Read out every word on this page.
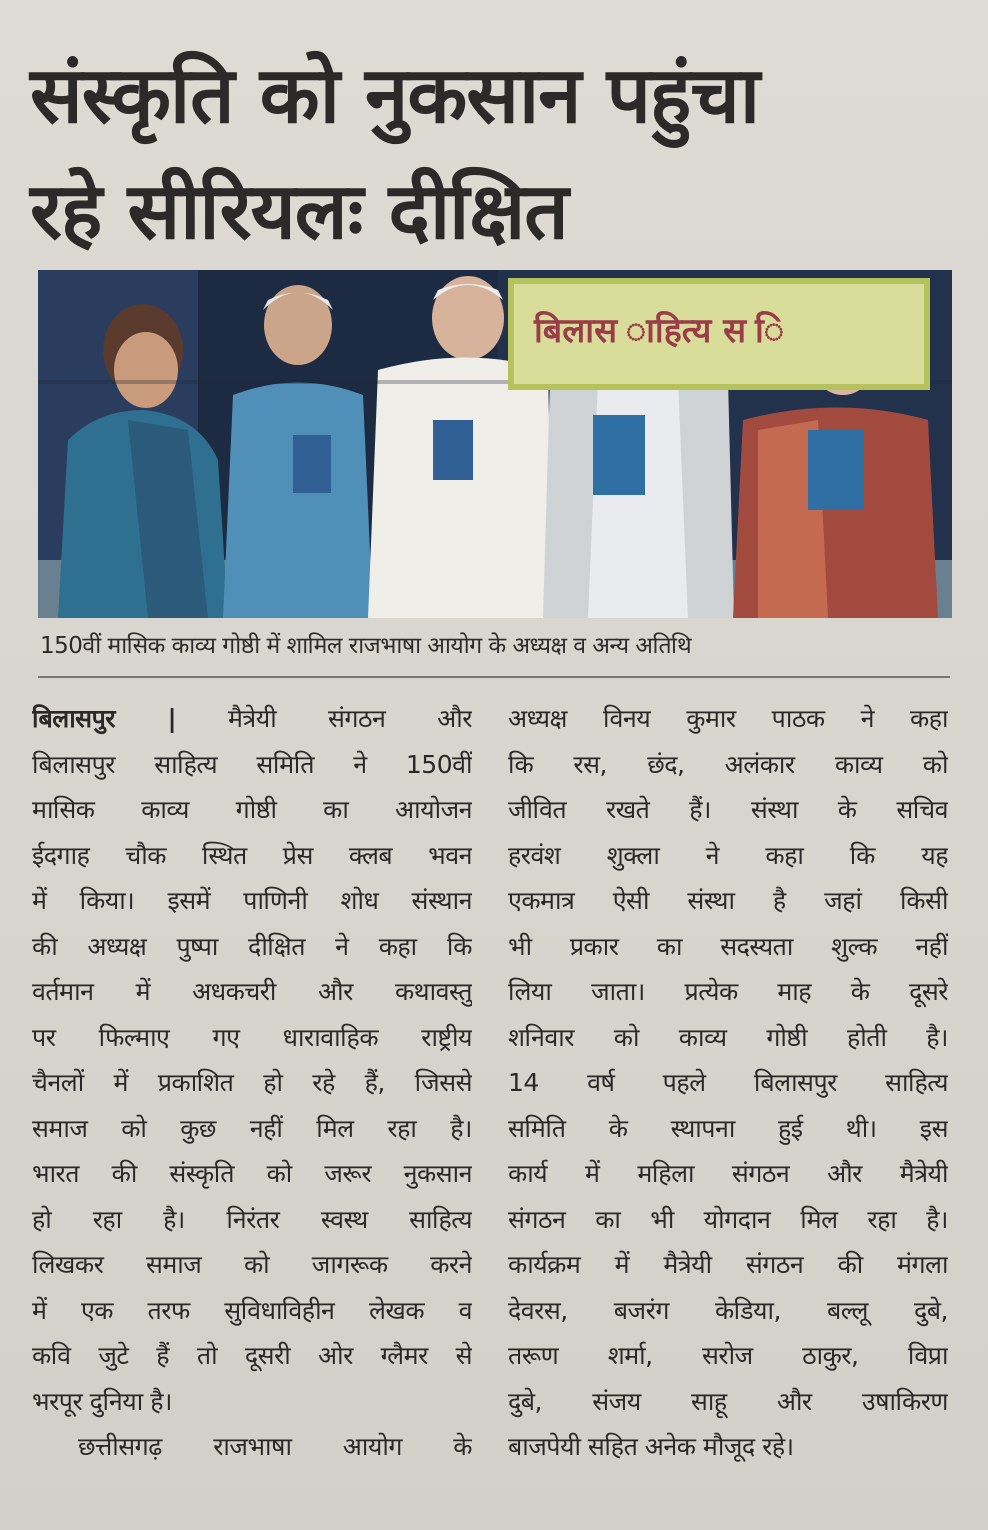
संस्कृति को नुकसान पहुंचा
रहे सीरियलः दीक्षित
बिलास ाहित्य स ि
150वीं मासिक काव्य गोष्ठी में शामिल राजभाषा आयोग के अध्यक्ष व अन्य अतिथि
बिलासपुर | मैत्रेयी संगठन और
बिलासपुर साहित्य समिति ने 150वीं
मासिक काव्य गोष्ठी का आयोजन
ईदगाह चौक स्थित प्रेस क्लब भवन
में किया। इसमें पाणिनी शोध संस्थान
की अध्यक्ष पुष्पा दीक्षित ने कहा कि
वर्तमान में अधकचरी और कथावस्तु
पर फिल्माए गए धारावाहिक राष्ट्रीय
चैनलों में प्रकाशित हो रहे हैं, जिससे
समाज को कुछ नहीं मिल रहा है।
भारत की संस्कृति को जरूर नुकसान
हो रहा है। निरंतर स्वस्थ साहित्य
लिखकर समाज को जागरूक करने
में एक तरफ सुविधाविहीन लेखक व
कवि जुटे हैं तो दूसरी ओर ग्लैमर से
भरपूर दुनिया है।
छत्तीसगढ़ राजभाषा आयोग के
अध्यक्ष विनय कुमार पाठक ने कहा
कि रस, छंद, अलंकार काव्य को
जीवित रखते हैं। संस्था के सचिव
हरवंश शुक्ला ने कहा कि यह
एकमात्र ऐसी संस्था है जहां किसी
भी प्रकार का सदस्यता शुल्क नहीं
लिया जाता। प्रत्येक माह के दूसरे
शनिवार को काव्य गोष्ठी होती है।
14 वर्ष पहले बिलासपुर साहित्य
समिति के स्थापना हुई थी। इस
कार्य में महिला संगठन और मैत्रेयी
संगठन का भी योगदान मिल रहा है।
कार्यक्रम में मैत्रेयी संगठन की मंगला
देवरस, बजरंग केडिया, बल्लू दुबे,
तरूण शर्मा, सरोज ठाकुर, विप्रा
दुबे, संजय साहू और उषाकिरण
बाजपेयी सहित अनेक मौजूद रहे।
